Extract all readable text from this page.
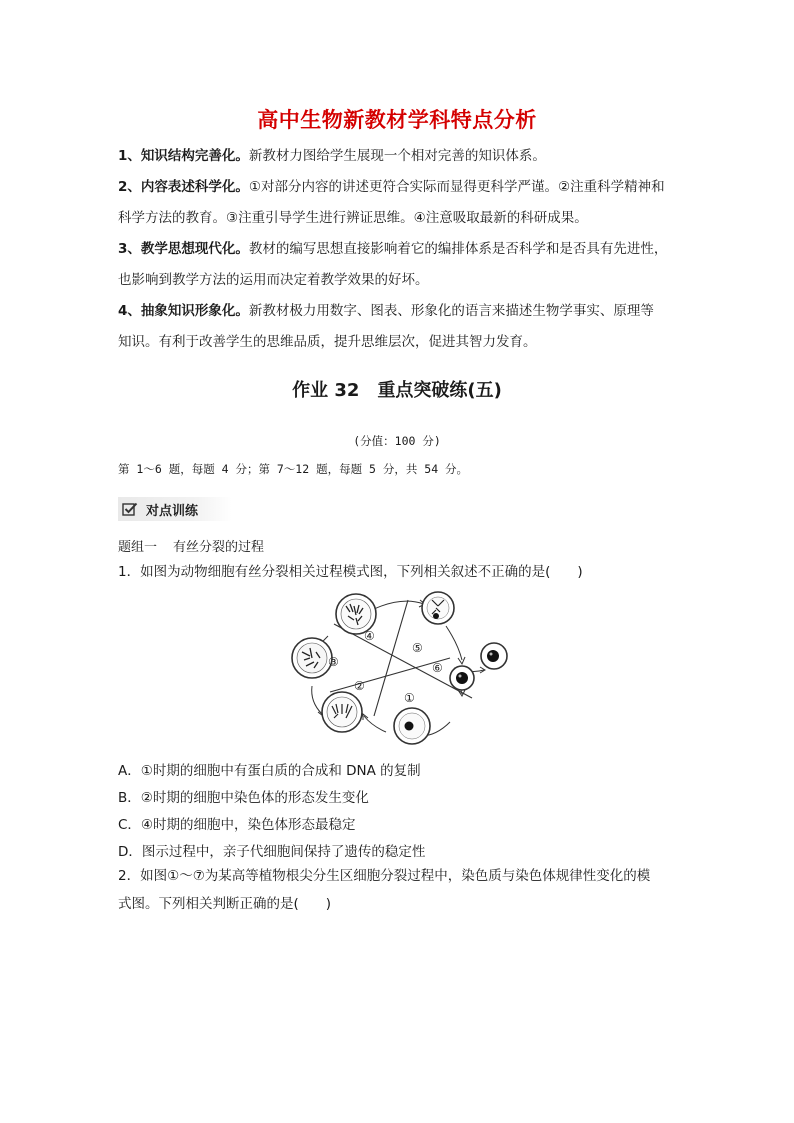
高中生物新教材学科特点分析
1、知识结构完善化。新教材力图给学生展现一个相对完善的知识体系。
2、内容表述科学化。①对部分内容的讲述更符合实际而显得更科学严谨。②注重科学精神和
科学方法的教育。③注重引导学生进行辨证思维。④注意吸取最新的科研成果。
3、教学思想现代化。教材的编写思想直接影响着它的编排体系是否科学和是否具有先进性，
也影响到教学方法的运用而决定着教学效果的好坏。
4、抽象知识形象化。新教材极力用数字、图表、形象化的语言来描述生物学事实、原理等
知识。有利于改善学生的思维品质，提升思维层次，促进其智力发育。
作业 32 重点突破练(五)
(分值：100 分)
第 1～6 题，每题 4 分；第 7～12 题，每题 5 分，共 54 分。
对点训练
题组一 有丝分裂的过程
1．如图为动物细胞有丝分裂相关过程模式图，下列相关叙述不正确的是(　　)
①
②
③
④
⑤
⑥
A．①时期的细胞中有蛋白质的合成和 DNA 的复制
B．②时期的细胞中染色体的形态发生变化
C．④时期的细胞中，染色体形态最稳定
D．图示过程中，亲子代细胞间保持了遗传的稳定性
2．如图①～⑦为某高等植物根尖分生区细胞分裂过程中，染色质与染色体规律性变化的模
式图。下列相关判断正确的是(　　)
